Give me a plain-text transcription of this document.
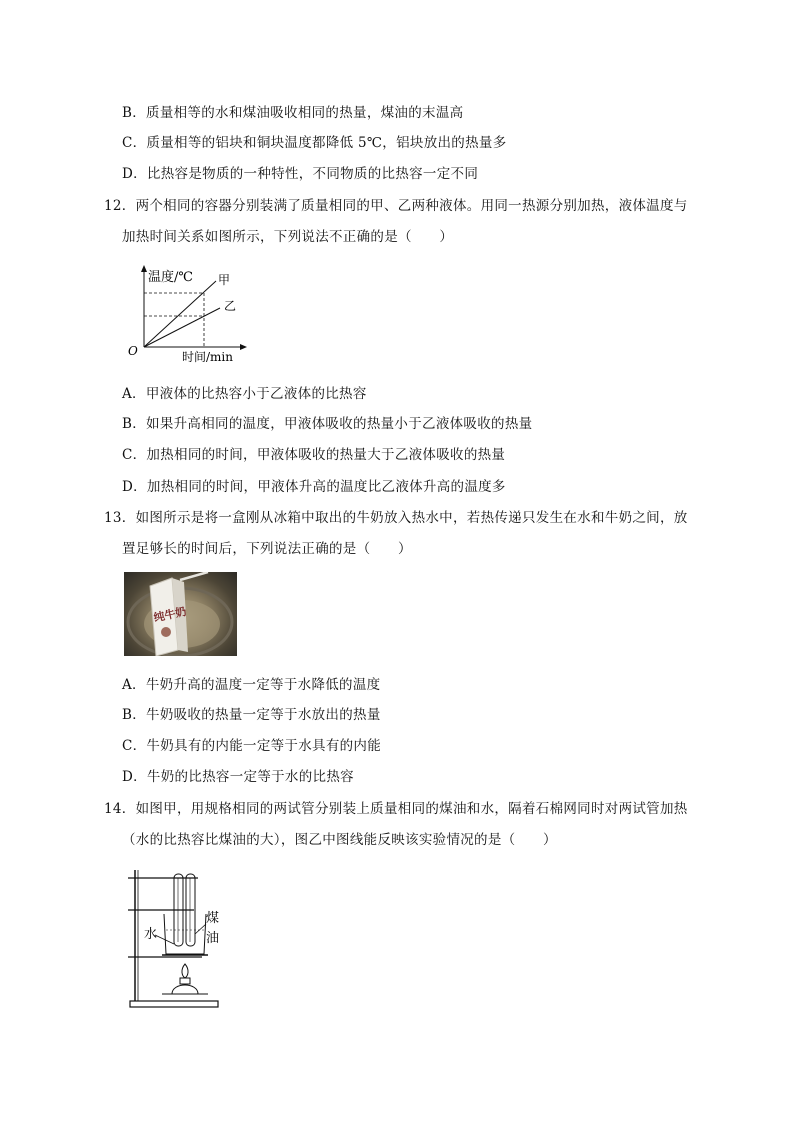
B．质量相等的水和煤油吸收相同的热量，煤油的末温高
C．质量相等的铝块和铜块温度都降低 5℃，铝块放出的热量多
D．比热容是物质的一种特性，不同物质的比热容一定不同
12．两个相同的容器分别装满了质量相同的甲、乙两种液体。用同一热源分别加热，液体温度与
加热时间关系如图所示，下列说法不正确的是（　　）
温度/℃
时间/min
O
甲
乙
A．甲液体的比热容小于乙液体的比热容
B．如果升高相同的温度，甲液体吸收的热量小于乙液体吸收的热量
C．加热相同的时间，甲液体吸收的热量大于乙液体吸收的热量
D．加热相同的时间，甲液体升高的温度比乙液体升高的温度多
13．如图所示是将一盒刚从冰箱中取出的牛奶放入热水中，若热传递只发生在水和牛奶之间，放
置足够长的时间后，下列说法正确的是（　　）
纯牛奶
A．牛奶升高的温度一定等于水降低的温度
B．牛奶吸收的热量一定等于水放出的热量
C．牛奶具有的内能一定等于水具有的内能
D．牛奶的比热容一定等于水的比热容
14．如图甲，用规格相同的两试管分别装上质量相同的煤油和水，隔着石棉网同时对两试管加热
（水的比热容比煤油的大），图乙中图线能反映该实验情况的是（　　）
水
煤
油
